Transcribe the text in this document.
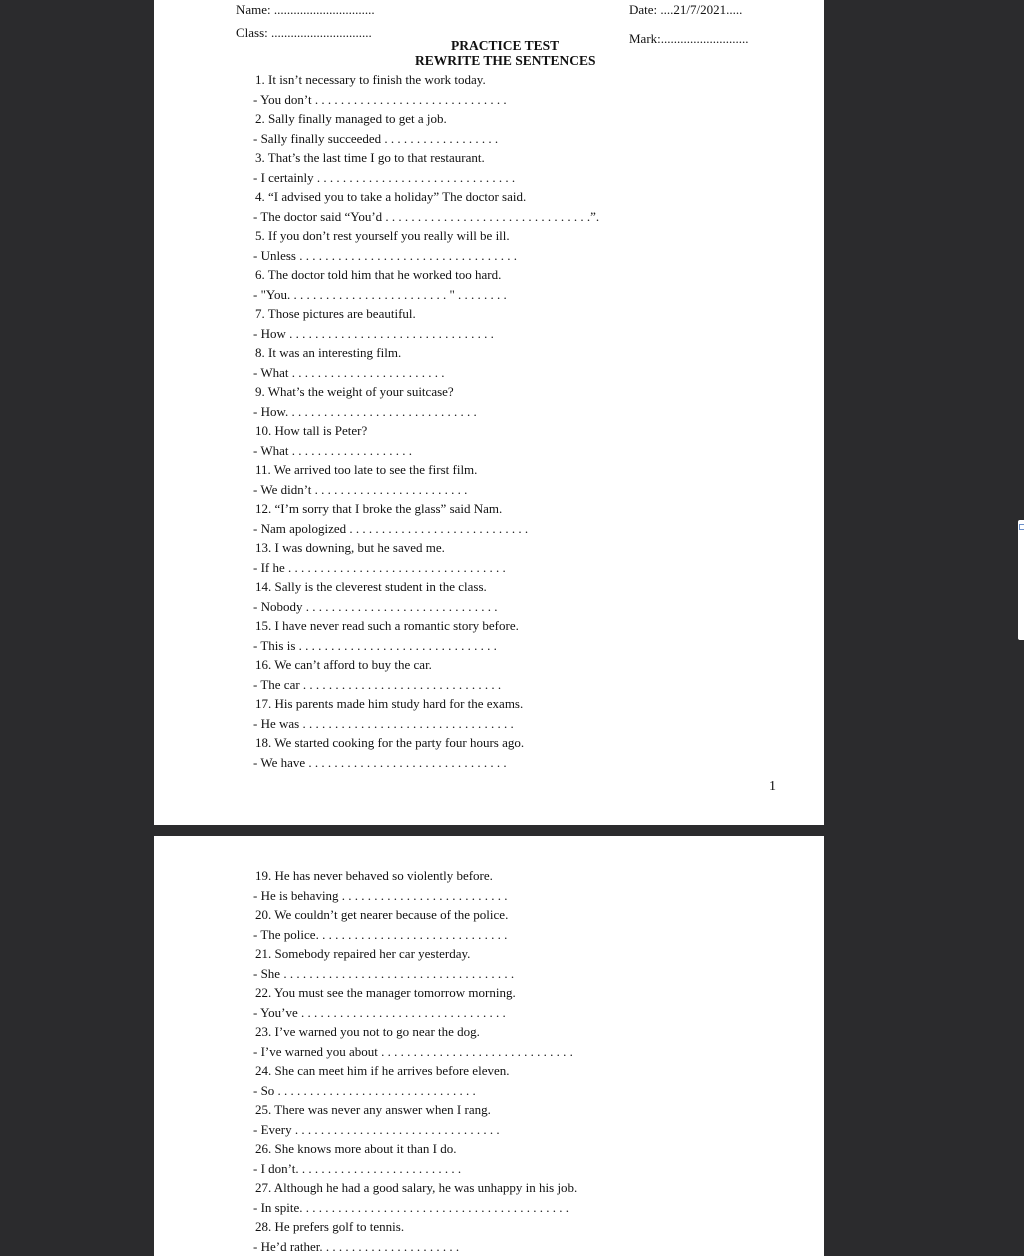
Name: ...............................	Date: ....21/7/2021.....
Class: ...............................	Mark:...........................
PRACTICE TEST
REWRITE THE SENTENCES
1. It isn’t necessary to finish the work today.
- You don’t . . . . . . . . . . . . . . . . . . . . . . . . . . . . . .
2. Sally finally managed to get a job.
- Sally finally succeeded . . . . . . . . . . . . . . . . . .
3. That’s the last time I go to that restaurant.
- I certainly . . . . . . . . . . . . . . . . . . . . . . . . . . . . . . .
4. “I advised you to take a holiday” The doctor said.
- The doctor said “You’d . . . . . . . . . . . . . . . . . . . . . . . . . . . . . . . .”.
5. If you don’t rest yourself you really will be ill.
- Unless . . . . . . . . . . . . . . . . . . . . . . . . . . . . . . . . . .
6. The doctor told him that he worked too hard.
- "You. . . . . . . . . . . . . . . . . . . . . . . . . " . . . . . . . .
7. Those pictures are beautiful.
- How . . . . . . . . . . . . . . . . . . . . . . . . . . . . . . . .
8. It was an interesting film.
- What . . . . . . . . . . . . . . . . . . . . . . . .
9. What’s the weight of your suitcase?
- How. . . . . . . . . . . . . . . . . . . . . . . . . . . . . .
10. How tall is Peter?
- What . . . . . . . . . . . . . . . . . . .
11. We arrived too late to see the first film.
- We didn’t . . . . . . . . . . . . . . . . . . . . . . . .
12. “I’m sorry that I broke the glass” said Nam.
- Nam apologized . . . . . . . . . . . . . . . . . . . . . . . . . . . .
13. I was downing, but he saved me.
- If he . . . . . . . . . . . . . . . . . . . . . . . . . . . . . . . . . .
14. Sally is the cleverest student in the class.
- Nobody . . . . . . . . . . . . . . . . . . . . . . . . . . . . . .
15. I have never read such a romantic story before.
- This is . . . . . . . . . . . . . . . . . . . . . . . . . . . . . . .
16. We can’t afford to buy the car.
- The car . . . . . . . . . . . . . . . . . . . . . . . . . . . . . . .
17. His parents made him study hard for the exams.
- He was . . . . . . . . . . . . . . . . . . . . . . . . . . . . . . . . .
18. We started cooking for the party four hours ago.
- We have . . . . . . . . . . . . . . . . . . . . . . . . . . . . . . .
1
19. He has never behaved so violently before.
- He is behaving . . . . . . . . . . . . . . . . . . . . . . . . . .
20. We couldn’t get nearer because of the police.
- The police. . . . . . . . . . . . . . . . . . . . . . . . . . . . . .
21. Somebody repaired her car yesterday.
- She . . . . . . . . . . . . . . . . . . . . . . . . . . . . . . . . . . . .
22. You must see the manager tomorrow morning.
- You’ve . . . . . . . . . . . . . . . . . . . . . . . . . . . . . . . .
23. I’ve warned you not to go near the dog.
- I’ve warned you about . . . . . . . . . . . . . . . . . . . . . . . . . . . . . .
24. She can meet him if he arrives before eleven.
- So . . . . . . . . . . . . . . . . . . . . . . . . . . . . . . .
25. There was never any answer when I rang.
- Every . . . . . . . . . . . . . . . . . . . . . . . . . . . . . . . .
26. She knows more about it than I do.
- I don’t. . . . . . . . . . . . . . . . . . . . . . . . . .
27. Although he had a good salary, he was unhappy in his job.
- In spite. . . . . . . . . . . . . . . . . . . . . . . . . . . . . . . . . . . . . . . . . .
28. He prefers golf to tennis.
- He’d rather. . . . . . . . . . . . . . . . . . . . . .
